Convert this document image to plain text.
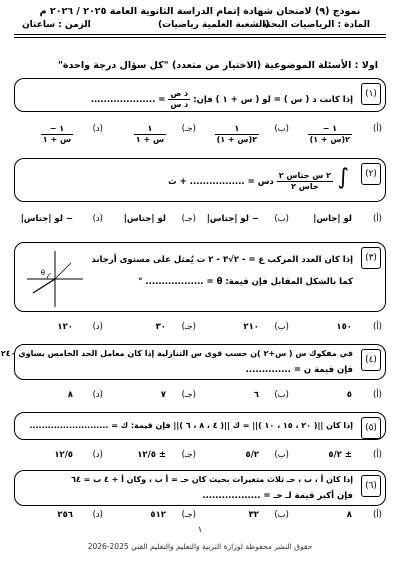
نموذج (٩) لامتحان شهادة إتمام الدراسة الثانوية العامة ٢٠٢٥ / ٢٠٢٦ م
المادة : الرياضيات البحتة
(الشعبة العلمية رياضيات)
الزمن : ساعتان
اولا : الأسئلة الموضوعية (الاختيار من متعدد) "كل سؤال درجة واحدة"
(١)
إذا كانت د ( س ) = لو ( س + ١ ) فإن:
$\frac{\text{د ص}}{\text{د س}}$
= ....................
(أ)
$\frac{١ -}{\text{٢(س + ١)}}$
(ب)
$\frac{١}{\text{٢(س + ١)}}$
(جـ)
$\frac{١}{\text{س + ١}}$
(د)
$\frac{١ -}{\text{س + ١}}$
(٢)
∫
$\frac{\text{٢ س جتاس ٢}}{\text{جاس ٢}}$
دس = ................. + ث
(أ)
لو |جاس|
(ب)
− لو |جتاس|
(جـ)
لو |جتاس|
(د)
− لو |جتاس|
(٣)
إذا كان العدد المركب ع = - ٢√٣ - ٢ ت يُمثل على مستوى أرجاند
كما بالشكل المقابل فإن قيمة: θ = .................. °
θ
(أ)
١٥٠
(ب)
٢١٠
(جـ)
٣٠
(د)
١٢٠
(٤)
في مفكوك س ( س+٢ )ن حسب قوى س التنازلية إذا كان معامل الحد الخامس يساوي ٢٤٠
فإن قيمة ن = ..............
(أ)
٥
(ب)
٦
(جـ)
٧
(د)
٨
(٥)
إذا كان ||( ٢٠ ، ١٥ ، ١٠ )|| = ك ||( ٤ ، ٨ ، ٦ )|| فإن قيمة: ك = ..........................
(أ)
± ٥/٢
(ب)
٥/٢
(جـ)
± ١٢/٥
(د)
١٢/٥
(٦)
إذا كان أ ، ب ، حـ ثلاث متغيرات بحيث كان حـ = أ ب ، وكان أ + ٤ ب = ٦٤
فإن أكبر قيمة لـ حـ = ..................
(أ)
٨
(ب)
٣٢
(جـ)
٥١٢
(د)
٢٥٦
١
حقوق النشر محفوظة لوزارة التربية والتعليم والتعليم الفني 2025-2026
